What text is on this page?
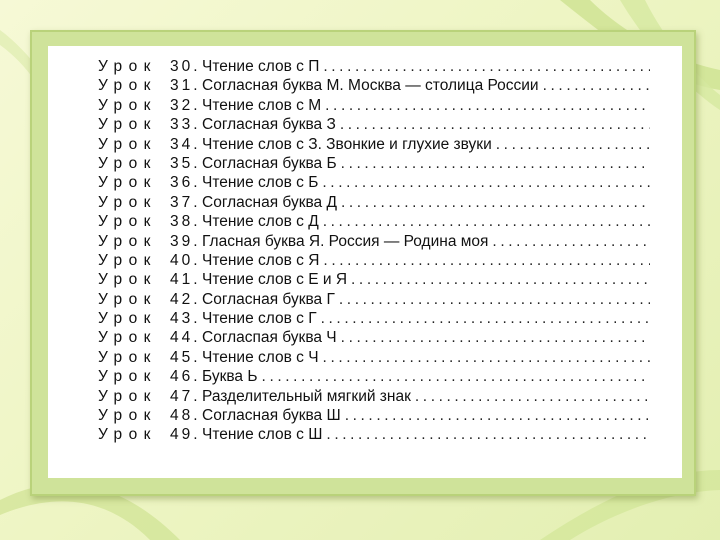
Урок 30. Чтение слов с П
.....
Урок 31. Согласная буква М. Москва — столица России
.....
Урок 32. Чтение слов с М
.....
Урок 33. Согласная буква З
.....
Урок 34. Чтение слов с З. Звонкие и глухие звуки
.....
Урок 35. Согласная буква Б
.....
Урок 36. Чтение слов с Б
.....
Урок 37. Согласная буква Д
.....
Урок 38. Чтение слов с Д
.....
Урок 39. Гласная буква Я. Россия — Родина моя
.....
Урок 40. Чтение слов с Я
.....
Урок 41. Чтение слов с Е и Я
.....
Урок 42. Согласная буква Г
.....
Урок 43. Чтение слов с Г
.....
Урок 44. Согласпая буква Ч
.....
Урок 45. Чтение слов с Ч
.....
Урок 46. Буква Ь
.....
Урок 47. Разделительный мягкий знак
.....
Урок 48. Согласная буква Ш
.....
Урок 49. Чтение слов с Ш
.....
